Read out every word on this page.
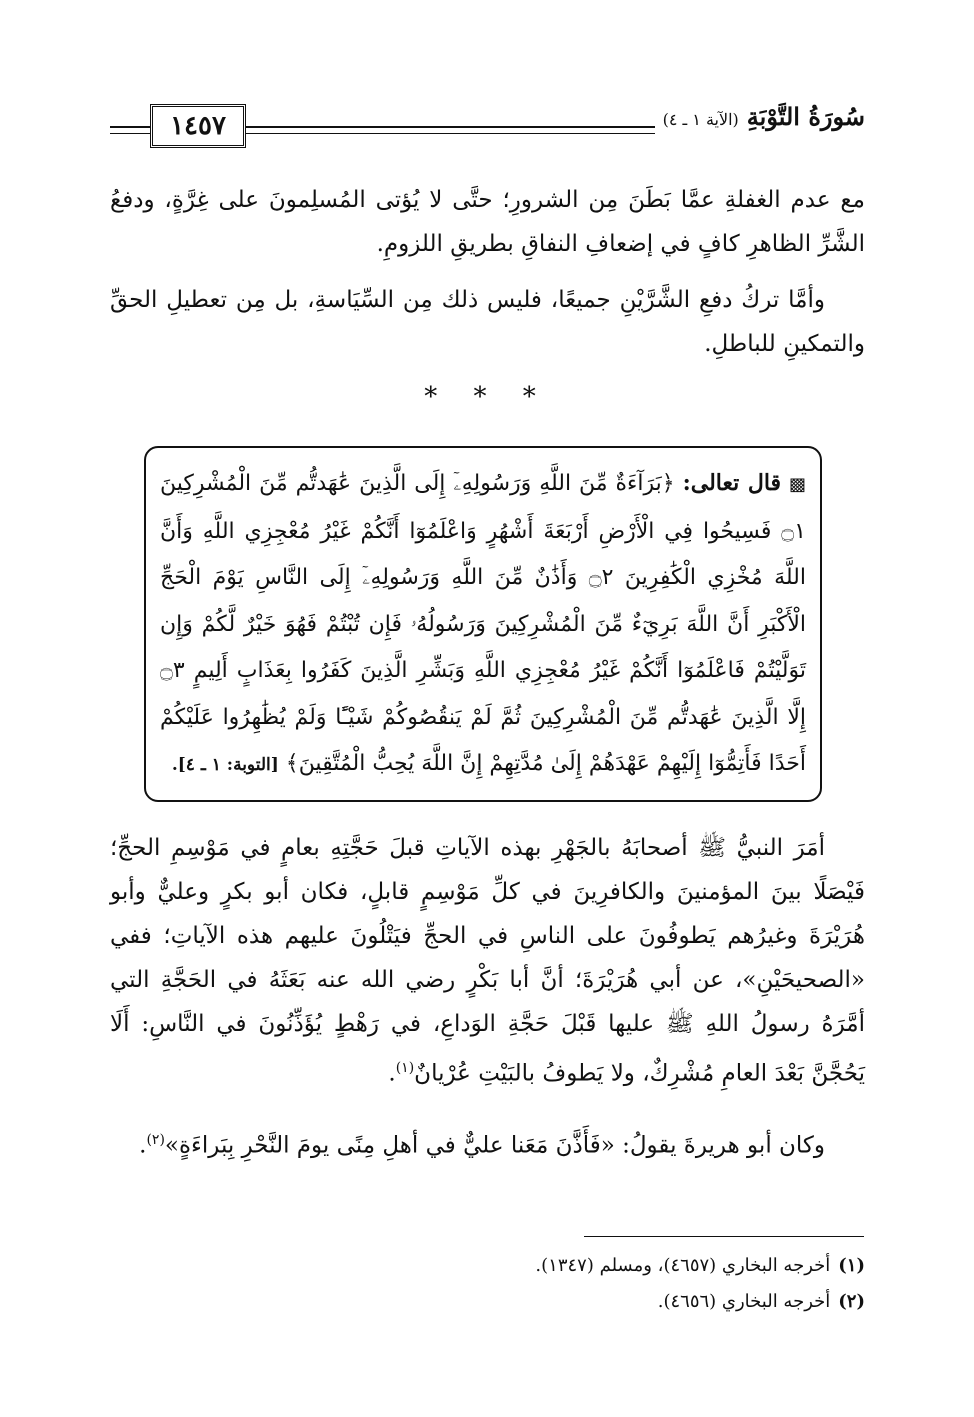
١٤٥٧	سُورَةُ التَّوْبَةِ
(الآية ١ ـ ٤)

مع عدم الغفلةِ عمَّا بَطَنَ مِن الشرورِ؛ حتَّى لا يُؤتى المُسلِمونَ على غِرَّةٍ، ودفعُ الشَّرِّ الظاهرِ كافٍ في إضعافِ النفاقِ بطريقِ اللزومِ.

وأمَّا تركُ دفعِ الشَّرَّيْنِ جميعًا، فليس ذلك مِن السِّيَاسةِ، بل مِن تعطيلِ الحقِّ والتمكينِ للباطلِ.

* * *
▩ قال تعالى: ﴿بَرَآءَةٌ مِّنَ اللَّهِ وَرَسُولِهِۦٓ إِلَى الَّذِينَ عَٰهَدتُّم مِّنَ الْمُشْرِكِينَ ۝١ فَسِيحُوا فِي الْأَرْضِ أَرْبَعَةَ أَشْهُرٍ وَاعْلَمُوٓا أَنَّكُمْ غَيْرُ مُعْجِزِي اللَّهِ وَأَنَّ اللَّهَ مُخْزِي الْكَٰفِرِينَ ۝٢ وَأَذَٰنٌ مِّنَ اللَّهِ وَرَسُولِهِۦٓ إِلَى النَّاسِ يَوْمَ الْحَجِّ الْأَكْبَرِ أَنَّ اللَّهَ بَرِيٓءٌ مِّنَ الْمُشْرِكِينَ وَرَسُولُهُۥ فَإِن تُبْتُمْ فَهُوَ خَيْرٌ لَّكُمْ وَإِن تَوَلَّيْتُمْ فَاعْلَمُوٓا أَنَّكُمْ غَيْرُ مُعْجِزِي اللَّهِ وَبَشِّرِ الَّذِينَ كَفَرُوا بِعَذَابٍ أَلِيمٍ ۝٣ إِلَّا الَّذِينَ عَٰهَدتُّم مِّنَ الْمُشْرِكِينَ ثُمَّ لَمْ يَنقُصُوكُمْ شَيْـًٔا وَلَمْ يُظَٰهِرُوا عَلَيْكُمْ أَحَدًا فَأَتِمُّوٓا إِلَيْهِمْ عَهْدَهُمْ إِلَىٰ مُدَّتِهِمْ إِنَّ اللَّهَ يُحِبُّ الْمُتَّقِينَ﴾ [التوبة: ١ ـ ٤].

أمَرَ النبيُّ ﷺ أصحابَهُ بالجَهْرِ بهذه الآياتِ قبلَ حَجَّتِهِ بعامٍ في مَوْسِمِ الحجِّ؛ فَيْصَلًا بينَ المؤمنينَ والكافرِينَ في كلِّ مَوْسِمٍ قابلٍ، فكان أبو بكرٍ وعليٌّ وأبو هُرَيْرَةَ وغيرُهم يَطوفُونَ على الناسِ في الحجِّ فيَتْلُونَ عليهم هذه الآياتِ؛ ففي «الصحيحَيْنِ»، عن أبي هُرَيْرَةَ؛ أنَّ أبا بَكْرٍ رضي الله عنه بَعَثَهُ في الحَجَّةِ التي أمَّرَهُ رسولُ اللهِ ﷺ عليها قَبْلَ حَجَّةِ الوَداعِ، في رَهْطٍ يُؤَذِّنُونَ في النَّاسِ: أَلَا يَحُجَّنَّ بَعْدَ العامِ مُشْرِكٌ، ولا يَطوفُ بالبَيْتِ عُرْيانٌ$^{(١)}$.

وكان أبو هريرةَ يقولُ: «فَأَذَّنَ مَعَنا عليٌّ في أهلِ مِنًى يومَ النَّحْرِ بِبَراءَةٍ»$^{(٢)}$.

(١)أخرجه البخاري (٤٦٥٧)، ومسلم (١٣٤٧).

(٢)أخرجه البخاري (٤٦٥٦).
